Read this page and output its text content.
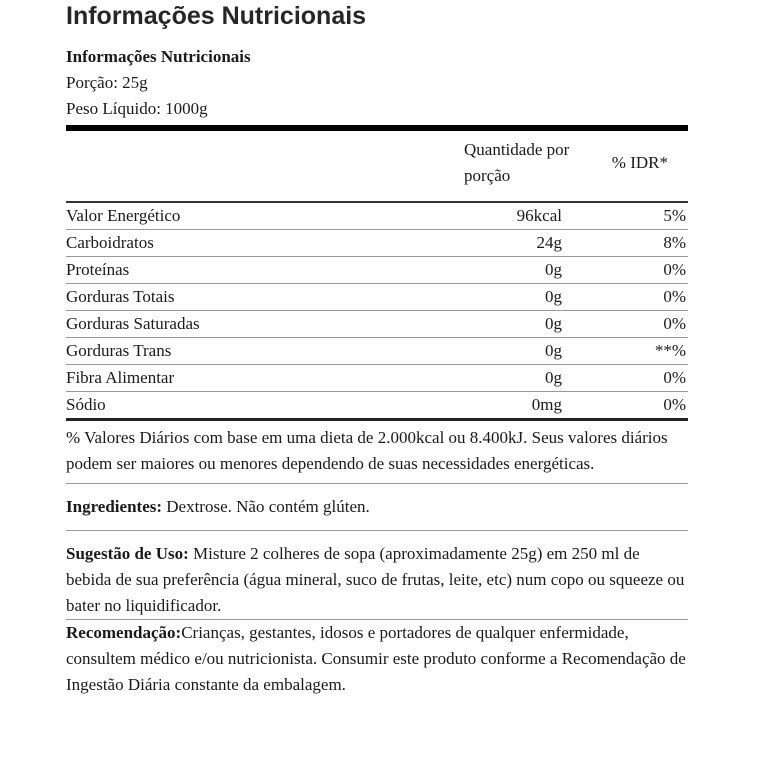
Informações Nutricionais
Informações Nutricionais
Porção: 25g
Peso Líquido: 1000g
Quantidade por porção
% IDR*
Valor Energético	96kcal	5%
Carboidratos	24g	8%
Proteínas	0g	0%
Gorduras Totais	0g	0%
Gorduras Saturadas	0g	0%
Gorduras Trans	0g	**%
Fibra Alimentar	0g	0%
Sódio	0mg	0%
% Valores Diários com base em uma dieta de 2.000kcal ou 8.400kJ. Seus valores diários podem ser maiores ou menores dependendo de suas necessidades energéticas.
Ingredientes: Dextrose. Não contém glúten.
Sugestão de Uso: Misture 2 colheres de sopa (aproximadamente 25g) em 250 ml de bebida de sua preferência (água mineral, suco de frutas, leite, etc) num copo ou squeeze ou bater no liquidificador.
Recomendação:Crianças, gestantes, idosos e portadores de qualquer enfermidade, consultem médico e/ou nutricionista. Consumir este produto conforme a Recomendação de Ingestão Diária constante da embalagem.
